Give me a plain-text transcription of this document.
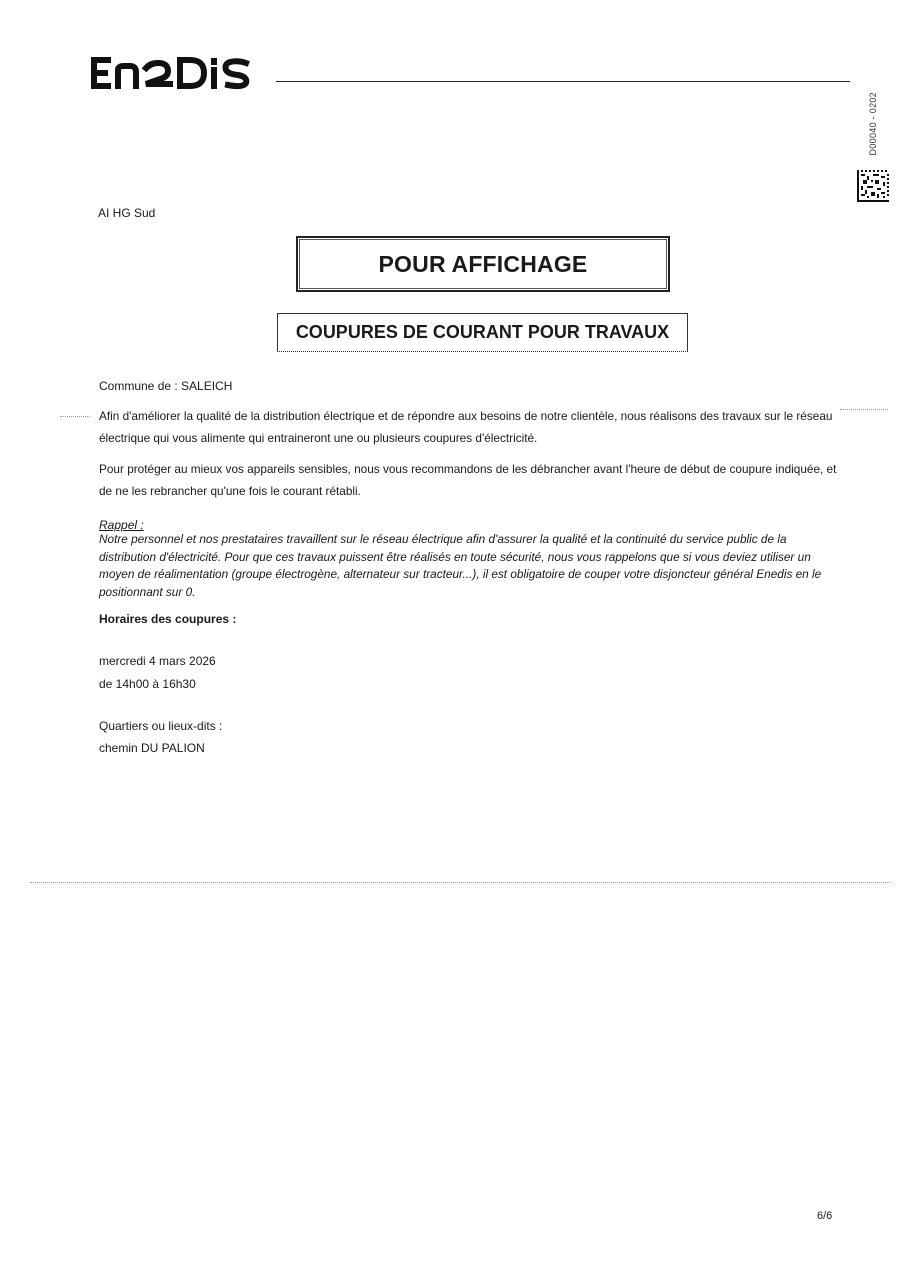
D00040 - 0202
AI HG Sud
POUR AFFICHAGE
COUPURES DE COURANT POUR TRAVAUX
Commune de : SALEICH
Afin d'améliorer la qualité de la distribution électrique et de répondre aux besoins de notre clientèle, nous réalisons des travaux sur le réseau électrique qui vous alimente qui entraineront une ou plusieurs coupures d'électricité.
Pour protéger au mieux vos appareils sensibles, nous vous recommandons de les débrancher avant l'heure de début de coupure indiquée, et de ne les rebrancher qu'une fois le courant rétabli.
Rappel :
Notre personnel et nos prestataires travaillent sur le réseau électrique afin d'assurer la qualité et la continuité du service public de la distribution d'électricité. Pour que ces travaux puissent être réalisés en toute sécurité, nous vous rappelons que si vous deviez utiliser un moyen de réalimentation (groupe électrogène, alternateur sur tracteur...), il est obligatoire de couper votre disjoncteur général Enedis en le positionnant sur 0.
Horaires des coupures :
mercredi 4 mars 2026
de 14h00 à 16h30
Quartiers ou lieux-dits :
chemin DU PALION
6/6
